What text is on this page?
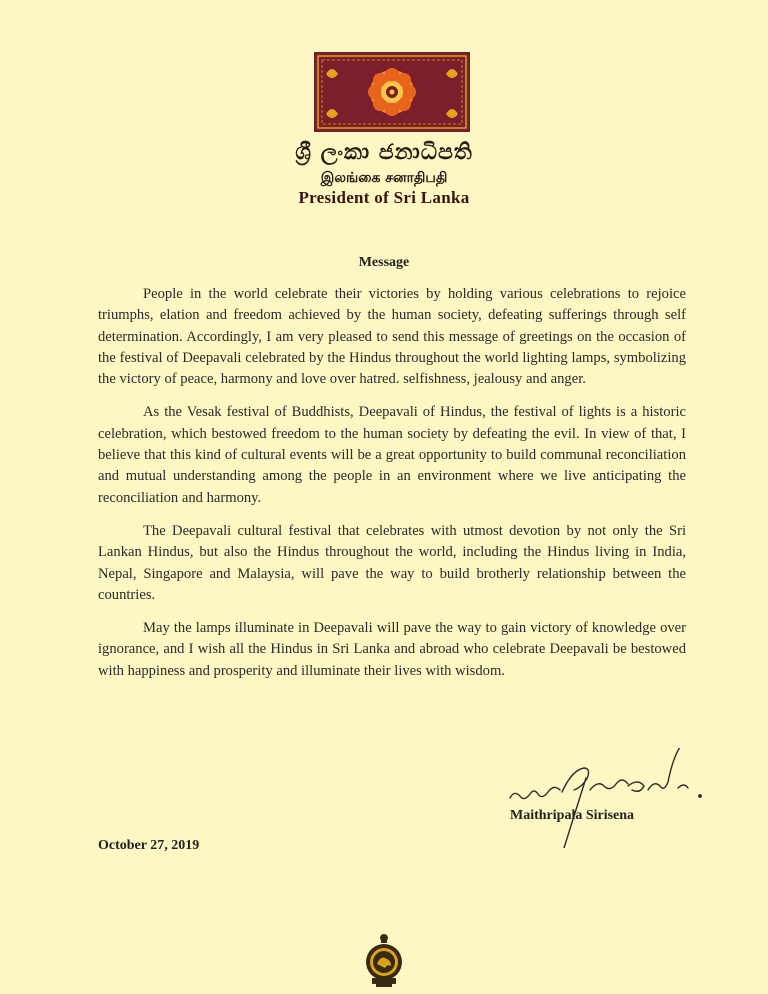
ශ්‍රී ලංකා ජනාධිපති
இலங்கை சனாதிபதி
President of Sri Lanka
Message

People in the world celebrate their victories by holding various celebrations to rejoice triumphs, elation and freedom achieved by the human society, defeating sufferings through self determination. Accordingly, I am very pleased to send this message of greetings on the occasion of the festival of Deepavali celebrated by the Hindus throughout the world lighting lamps, symbolizing the victory of peace, harmony and love over hatred. selfishness, jealousy and anger.

As the Vesak festival of Buddhists, Deepavali of Hindus, the festival of lights is a historic celebration, which bestowed freedom to the human society by defeating the evil. In view of that, I believe that this kind of cultural events will be a great opportunity to build communal reconciliation and mutual understanding among the people in an environment where we live anticipating the reconciliation and harmony.

The Deepavali cultural festival that celebrates with utmost devotion by not only the Sri Lankan Hindus, but also the Hindus throughout the world, including the Hindus living in India, Nepal, Singapore and Malaysia, will pave the way to build brotherly relationship between the countries.

May the lamps illuminate in Deepavali will pave the way to gain victory of knowledge over ignorance, and I wish all the Hindus in Sri Lanka and abroad who celebrate Deepavali be bestowed with happiness and prosperity and illuminate their lives with wisdom.

Maithripala Sirisena
October 27, 2019
